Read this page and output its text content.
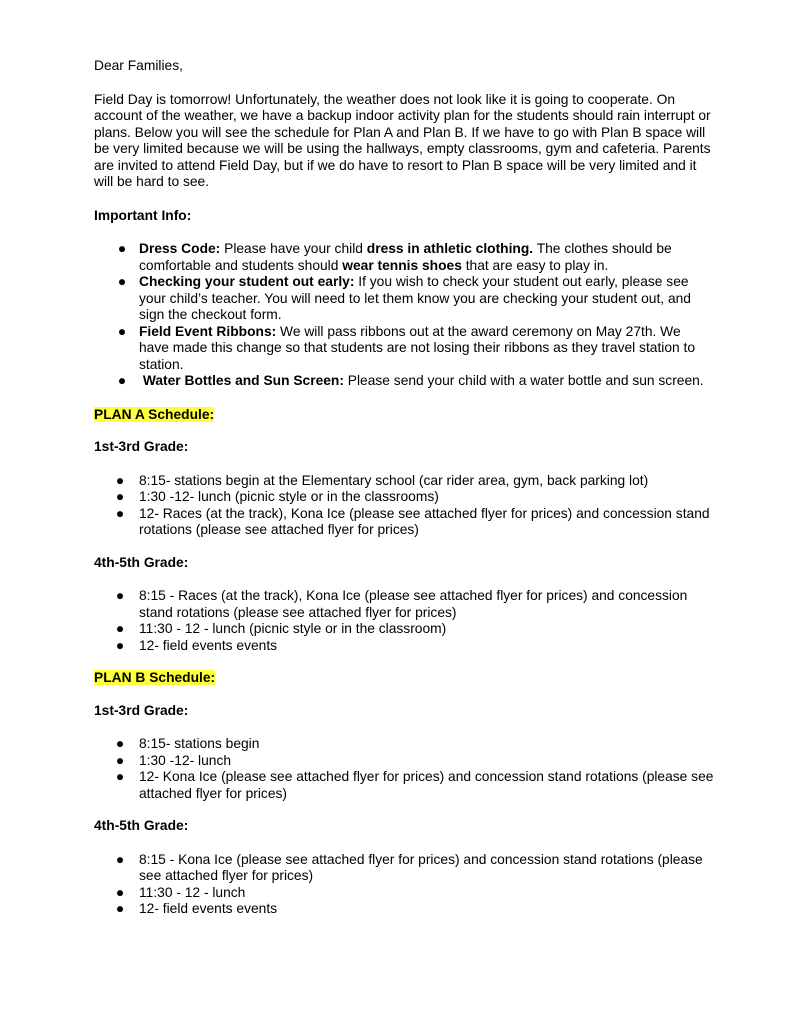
Dear Families,

Field Day is tomorrow! Unfortunately, the weather does not look like it is going to cooperate. On account of the weather, we have a backup indoor activity plan for the students should rain interrupt or plans. Below you will see the schedule for Plan A and Plan B. If we have to go with Plan B space will be very limited because we will be using the hallways, empty classrooms, gym and cafeteria. Parents are invited to attend Field Day, but if we do have to resort to Plan B space will be very limited and it will be hard to see.

Important Info:

● Dress Code: Please have your child dress in athletic clothing. The clothes should be comfortable and students should wear tennis shoes that are easy to play in.
● Checking your student out early: If you wish to check your student out early, please see your child’s teacher. You will need to let them know you are checking your student out, and sign the checkout form.
● Field Event Ribbons: We will pass ribbons out at the award ceremony on May 27th. We have made this change so that students are not losing their ribbons as they travel station to station.
● Water Bottles and Sun Screen: Please send your child with a water bottle and sun screen.

PLAN A Schedule:

1st-3rd Grade:

● 8:15- stations begin at the Elementary school (car rider area, gym, back parking lot)
● 1:30 -12- lunch (picnic style or in the classrooms)
● 12- Races (at the track), Kona Ice (please see attached flyer for prices) and concession stand rotations (please see attached flyer for prices)

4th-5th Grade:

● 8:15 - Races (at the track), Kona Ice (please see attached flyer for prices) and concession stand rotations (please see attached flyer for prices)
● 11:30 - 12 - lunch (picnic style or in the classroom)
● 12- field events events

PLAN B Schedule:

1st-3rd Grade:

● 8:15- stations begin
● 1:30 -12- lunch
● 12- Kona Ice (please see attached flyer for prices) and concession stand rotations (please see attached flyer for prices)

4th-5th Grade:

● 8:15 - Kona Ice (please see attached flyer for prices) and concession stand rotations (please see attached flyer for prices)
● 11:30 - 12 - lunch
● 12- field events events
